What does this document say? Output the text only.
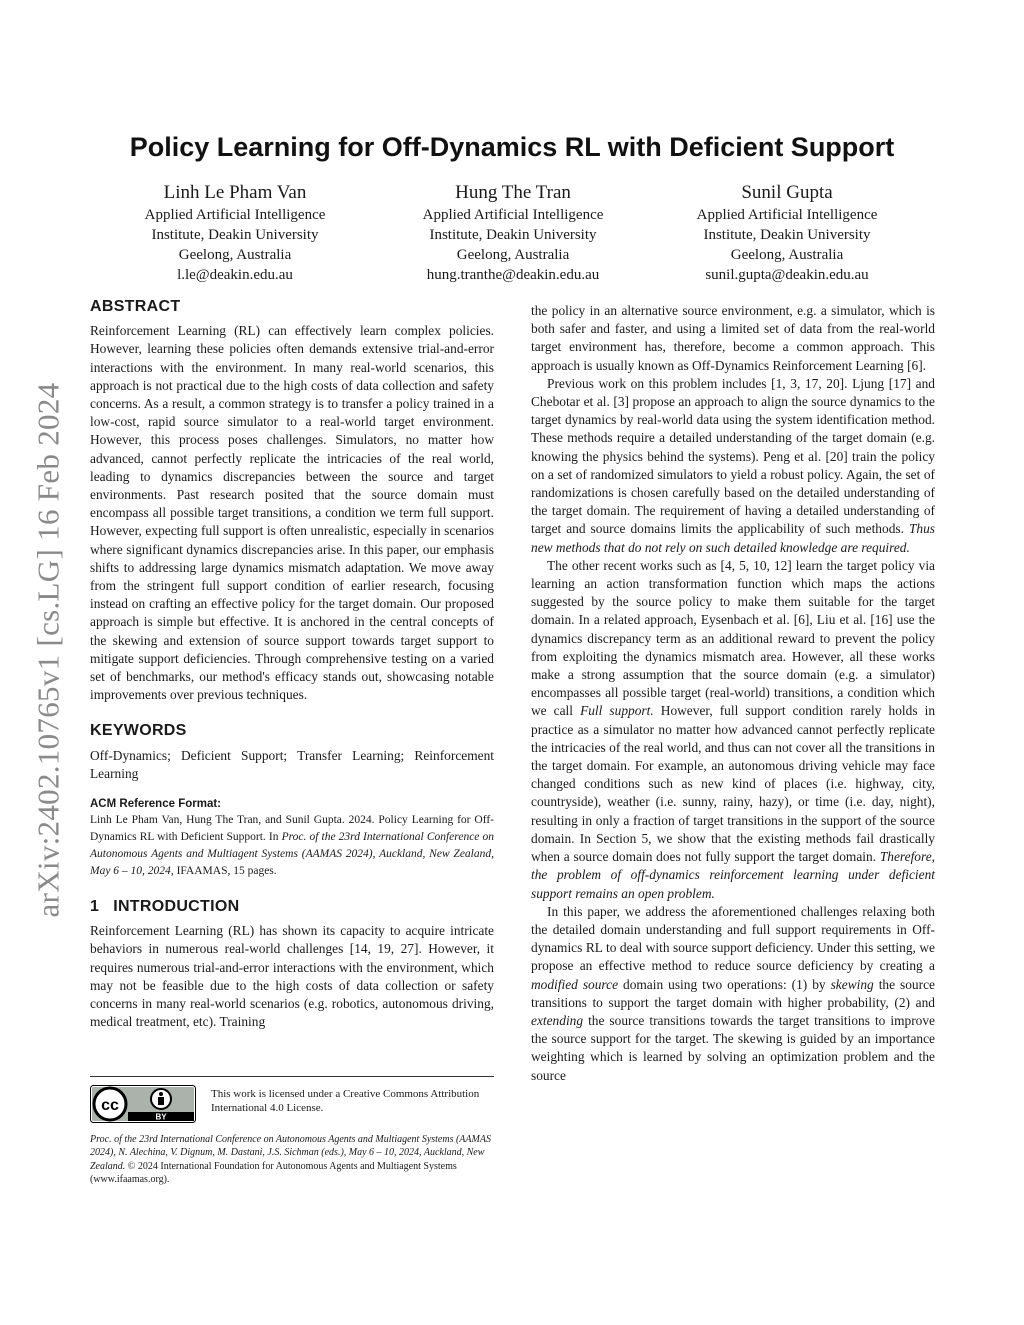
arXiv:2402.10765v1 [cs.LG] 16 Feb 2024
Policy Learning for Off-Dynamics RL with Deficient Support
Linh Le Pham Van
Applied Artificial Intelligence
Institute, Deakin University
Geelong, Australia
l.le@deakin.edu.au
Hung The Tran
Applied Artificial Intelligence
Institute, Deakin University
Geelong, Australia
hung.tranthe@deakin.edu.au
Sunil Gupta
Applied Artificial Intelligence
Institute, Deakin University
Geelong, Australia
sunil.gupta@deakin.edu.au
ABSTRACT

Reinforcement Learning (RL) can effectively learn complex policies. However, learning these policies often demands extensive trial-and-error interactions with the environment. In many real-world scenarios, this approach is not practical due to the high costs of data collection and safety concerns. As a result, a common strategy is to transfer a policy trained in a low-cost, rapid source simulator to a real-world target environment. However, this process poses challenges. Simulators, no matter how advanced, cannot perfectly replicate the intricacies of the real world, leading to dynamics discrepancies between the source and target environments. Past research posited that the source domain must encompass all possible target transitions, a condition we term full support. However, expecting full support is often unrealistic, especially in scenarios where significant dynamics discrepancies arise. In this paper, our emphasis shifts to addressing large dynamics mismatch adaptation. We move away from the stringent full support condition of earlier research, focusing instead on crafting an effective policy for the target domain. Our proposed approach is simple but effective. It is anchored in the central concepts of the skewing and extension of source support towards target support to mitigate support deficiencies. Through comprehensive testing on a varied set of benchmarks, our method's efficacy stands out, showcasing notable improvements over previous techniques.

KEYWORDS

Off-Dynamics; Deficient Support; Transfer Learning; Reinforcement Learning

ACM Reference Format:

Linh Le Pham Van, Hung The Tran, and Sunil Gupta. 2024. Policy Learning for Off-Dynamics RL with Deficient Support. In Proc. of the 23rd International Conference on Autonomous Agents and Multiagent Systems (AAMAS 2024), Auckland, New Zealand, May 6 – 10, 2024, IFAAMAS, 15 pages.

1 INTRODUCTION

Reinforcement Learning (RL) has shown its capacity to acquire intricate behaviors in numerous real-world challenges [14, 19, 27]. However, it requires numerous trial-and-error interactions with the environment, which may not be feasible due to the high costs of data collection or safety concerns in many real-world scenarios (e.g. robotics, autonomous driving, medical treatment, etc). Training

cc
BY
This work is licensed under a Creative Commons Attribution International 4.0 License.
Proc. of the 23rd International Conference on Autonomous Agents and Multiagent Systems (AAMAS 2024), N. Alechina, V. Dignum, M. Dastani, J.S. Sichman (eds.), May 6 – 10, 2024, Auckland, New Zealand. © 2024 International Foundation for Autonomous Agents and Multiagent Systems (www.ifaamas.org).

the policy in an alternative source environment, e.g. a simulator, which is both safer and faster, and using a limited set of data from the real-world target environment has, therefore, become a common approach. This approach is usually known as Off-Dynamics Reinforcement Learning [6].

Previous work on this problem includes [1, 3, 17, 20]. Ljung [17] and Chebotar et al. [3] propose an approach to align the source dynamics to the target dynamics by real-world data using the system identification method. These methods require a detailed understanding of the target domain (e.g. knowing the physics behind the systems). Peng et al. [20] train the policy on a set of randomized simulators to yield a robust policy. Again, the set of randomizations is chosen carefully based on the detailed understanding of the target domain. The requirement of having a detailed understanding of target and source domains limits the applicability of such methods. Thus new methods that do not rely on such detailed knowledge are required.

The other recent works such as [4, 5, 10, 12] learn the target policy via learning an action transformation function which maps the actions suggested by the source policy to make them suitable for the target domain. In a related approach, Eysenbach et al. [6], Liu et al. [16] use the dynamics discrepancy term as an additional reward to prevent the policy from exploiting the dynamics mismatch area. However, all these works make a strong assumption that the source domain (e.g. a simulator) encompasses all possible target (real-world) transitions, a condition which we call Full support. However, full support condition rarely holds in practice as a simulator no matter how advanced cannot perfectly replicate the intricacies of the real world, and thus can not cover all the transitions in the target domain. For example, an autonomous driving vehicle may face changed conditions such as new kind of places (i.e. highway, city, countryside), weather (i.e. sunny, rainy, hazy), or time (i.e. day, night), resulting in only a fraction of target transitions in the support of the source domain. In Section 5, we show that the existing methods fail drastically when a source domain does not fully support the target domain. Therefore, the problem of off-dynamics reinforcement learning under deficient support remains an open problem.

In this paper, we address the aforementioned challenges relaxing both the detailed domain understanding and full support requirements in Off-dynamics RL to deal with source support deficiency. Under this setting, we propose an effective method to reduce source deficiency by creating a modified source domain using two operations: (1) by skewing the source transitions to support the target domain with higher probability, (2) and extending the source transitions towards the target transitions to improve the source support for the target. The skewing is guided by an importance weighting which is learned by solving an optimization problem and the source
